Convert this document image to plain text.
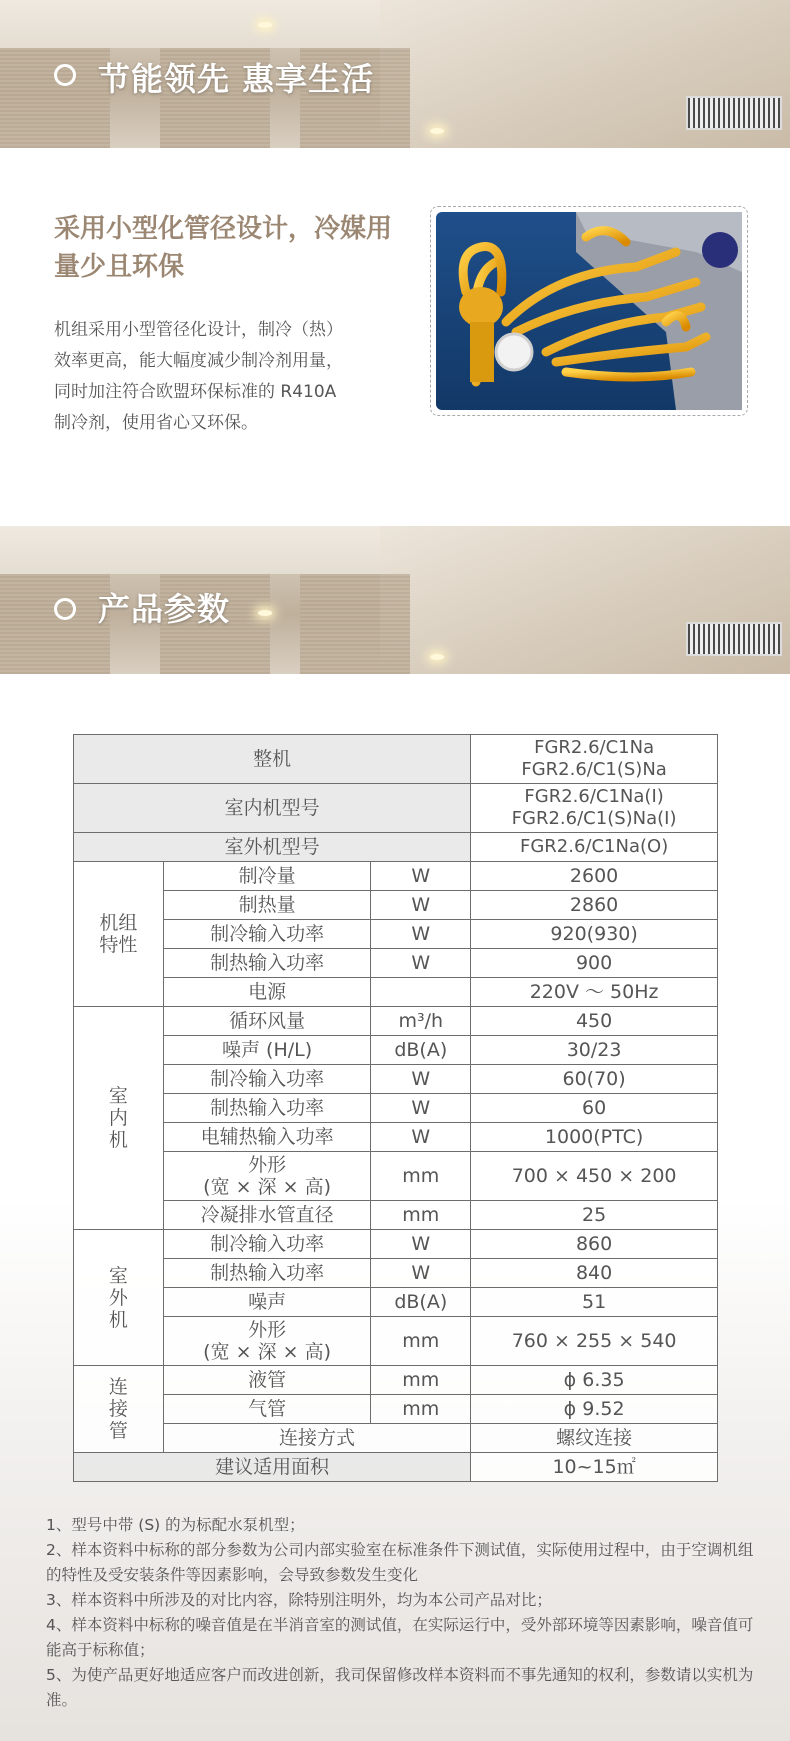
节能领先 惠享生活
采用小型化管径设计，冷媒用量少且环保

机组采用小型管径化设计，制冷（热）效率更高，能大幅度减少制冷剂用量，同时加注符合欧盟环保标准的 R410A 制冷剂，使用省心又环保。

产品参数
整机			FGR2.6/C1Na
FGR2.6/C1(S)Na
室内机型号			FGR2.6/C1Na(I)
FGR2.6/C1(S)Na(I)
室外机型号			FGR2.6/C1Na(O)
机组
特性	制冷量	W	2600
	制热量	W	2860
	制冷输入功率	W	920(930)
	制热输入功率	W	900
	电源		220V ～ 50Hz
室
内
机	循环风量	m³/h	450
	噪声 (H/L)	dB(A)	30/23
	制冷输入功率	W	60(70)
	制热输入功率	W	60
	电辅热输入功率	W	1000(PTC)
	外形
(宽 × 深 × 高)	mm	700 × 450 × 200
	冷凝排水管直径	mm	25
室
外
机	制冷输入功率	W	860
	制热输入功率	W	840
	噪声	dB(A)	51
	外形
(宽 × 深 × 高)	mm	760 × 255 × 540
连
接
管	液管	mm	ϕ 6.35
	气管	mm	ϕ 9.52
	连接方式		螺纹连接
建议适用面积			10~15㎡

1、型号中带 (S) 的为标配水泵机型；

2、样本资料中标称的部分参数为公司内部实验室在标准条件下测试值，实际使用过程中，由于空调机组的特性及受安装条件等因素影响，会导致参数发生变化

3、样本资料中所涉及的对比内容，除特别注明外，均为本公司产品对比；

4、样本资料中标称的噪音值是在半消音室的测试值，在实际运行中，受外部环境等因素影响，噪音值可能高于标称值；

5、为使产品更好地适应客户而改进创新，我司保留修改样本资料而不事先通知的权利，参数请以实机为准。
